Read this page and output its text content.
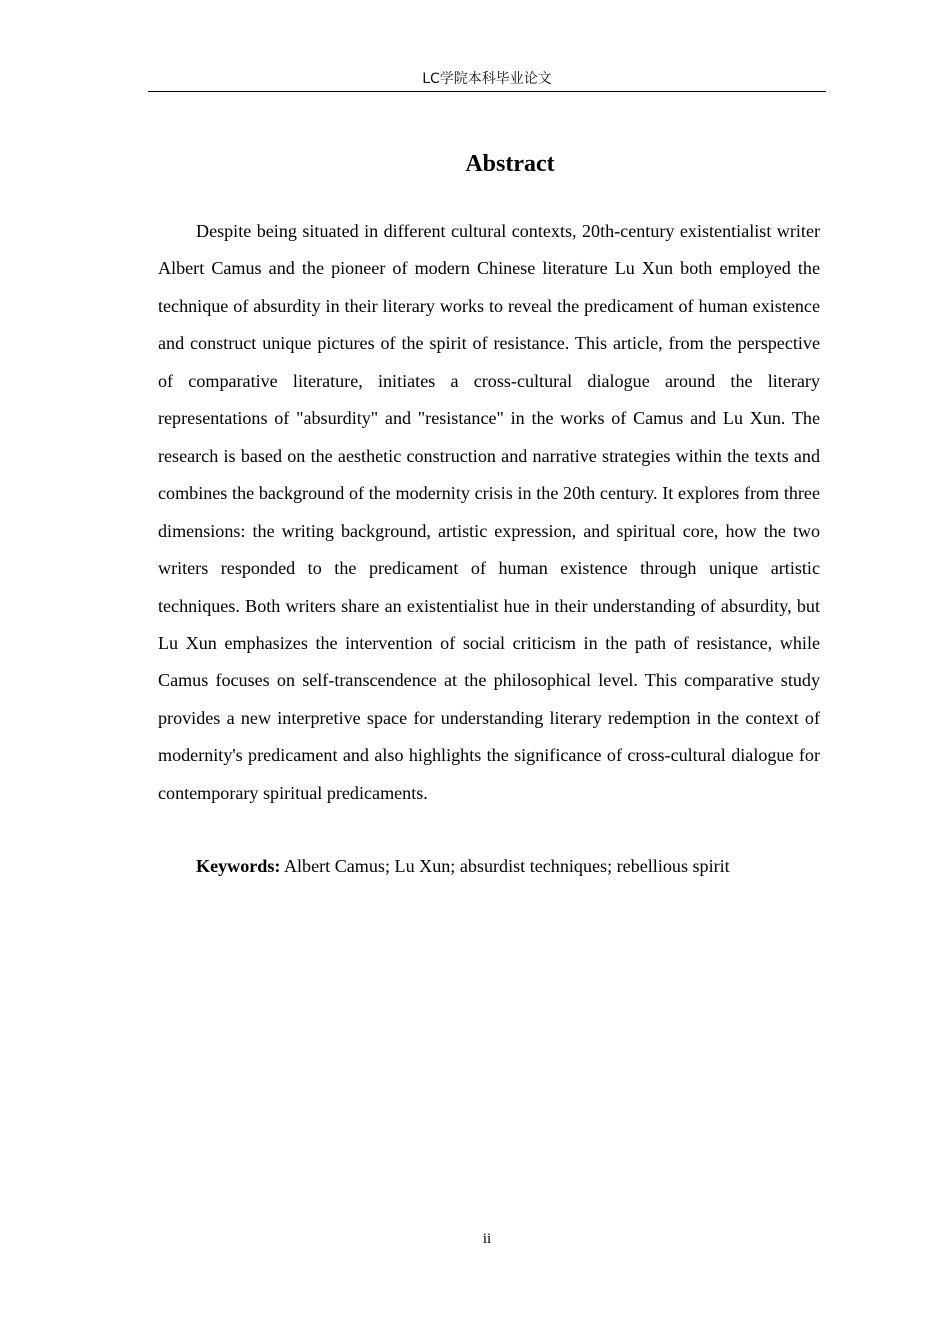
LC学院本科毕业论文
Abstract

Despite being situated in different cultural contexts, 20th-century existentialist writer Albert Camus and the pioneer of modern Chinese literature Lu Xun both employed the technique of absurdity in their literary works to reveal the predicament of human existence and construct unique pictures of the spirit of resistance. This article, from the perspective of comparative literature, initiates a cross-cultural dialogue around the literary representations of "absurdity" and "resistance" in the works of Camus and Lu Xun. The research is based on the aesthetic construction and narrative strategies within the texts and combines the background of the modernity crisis in the 20th century. It explores from three dimensions: the writing background, artistic expression, and spiritual core, how the two writers responded to the predicament of human existence through unique artistic techniques. Both writers share an existentialist hue in their understanding of absurdity, but Lu Xun emphasizes the intervention of social criticism in the path of resistance, while Camus focuses on self-transcendence at the philosophical level. This comparative study provides a new interpretive space for understanding literary redemption in the context of modernity's predicament and also highlights the significance of cross-cultural dialogue for contemporary spiritual predicaments.

Keywords: Albert Camus; Lu Xun; absurdist techniques; rebellious spirit

ii
